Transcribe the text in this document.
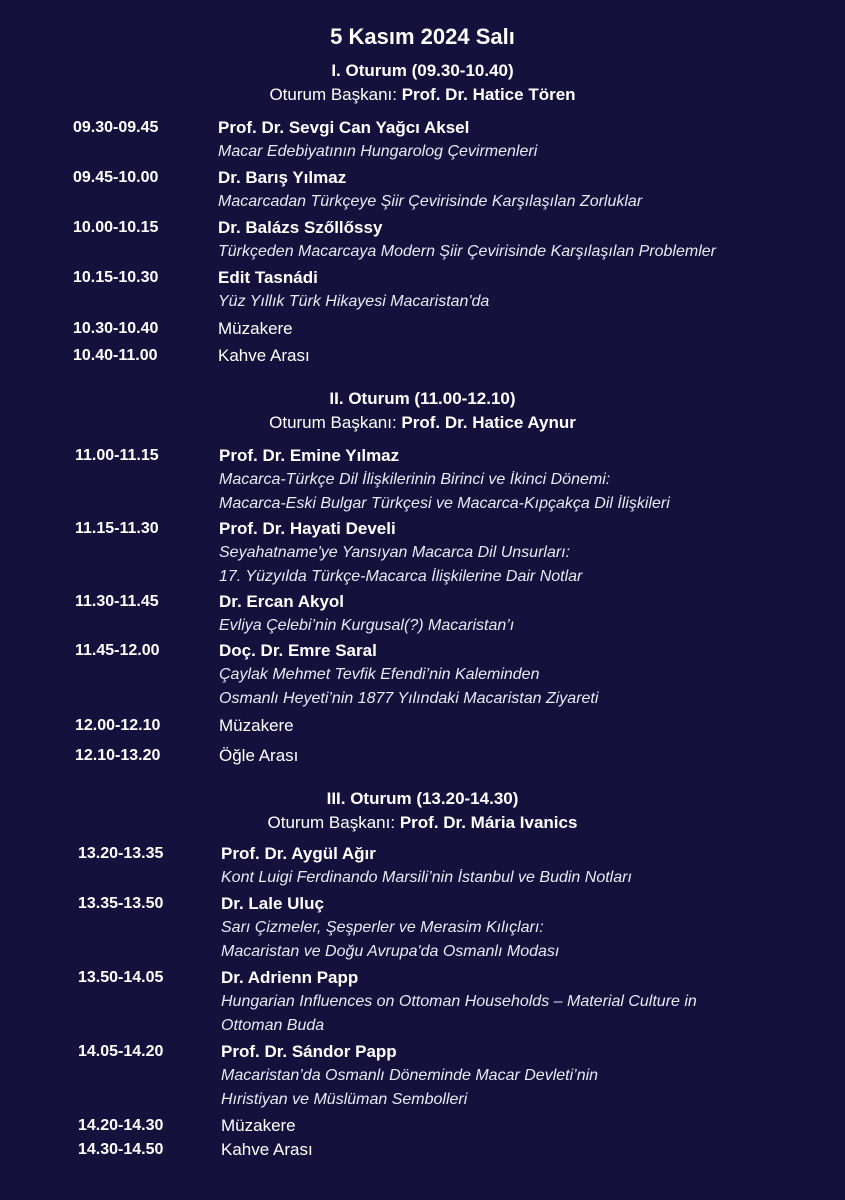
5 Kasım 2024 Salı
I. Oturum (09.30-10.40)
Oturum Başkanı: Prof. Dr. Hatice Tören
09.30-09.45	Prof. Dr. Sevgi Can Yağcı Aksel
Macar Edebiyatının Hungarolog Çevirmenleri
09.45-10.00	Dr. Barış Yılmaz
Macarcadan Türkçeye Şiir Çevirisinde Karşılaşılan Zorluklar
10.00-10.15	Dr. Balázs Szőllőssy
Türkçeden Macarcaya Modern Şiir Çevirisinde Karşılaşılan Problemler
10.15-10.30	Edit Tasnádi
Yüz Yıllık Türk Hikayesi Macaristan'da
10.30-10.40	Müzakere
10.40-11.00	Kahve Arası
II. Oturum (11.00-12.10)
Oturum Başkanı: Prof. Dr. Hatice Aynur
11.00-11.15	Prof. Dr. Emine Yılmaz
Macarca-Türkçe Dil İlişkilerinin Birinci ve İkinci Dönemi:
Macarca-Eski Bulgar Türkçesi ve Macarca-Kıpçakça Dil İlişkileri
11.15-11.30	Prof. Dr. Hayati Develi
Seyahatname'ye Yansıyan Macarca Dil Unsurları:
17. Yüzyılda Türkçe-Macarca İlişkilerine Dair Notlar
11.30-11.45	Dr. Ercan Akyol
Evliya Çelebi’nin Kurgusal(?) Macaristan’ı
11.45-12.00	Doç. Dr. Emre Saral
Çaylak Mehmet Tevfik Efendi’nin Kaleminden
Osmanlı Heyeti’nin 1877 Yılındaki Macaristan Ziyareti
12.00-12.10	Müzakere
12.10-13.20	Öğle Arası
III. Oturum (13.20-14.30)
Oturum Başkanı: Prof. Dr. Mária Ivanics
13.20-13.35	Prof. Dr. Aygül Ağır
Kont Luigi Ferdinando Marsili’nin İstanbul ve Budin Notları
13.35-13.50	Dr. Lale Uluç
Sarı Çizmeler, Şeşperler ve Merasim Kılıçları:
Macaristan ve Doğu Avrupa'da Osmanlı Modası
13.50-14.05	Dr. Adrienn Papp
Hungarian Influences on Ottoman Households – Material Culture in
Ottoman Buda
14.05-14.20	Prof. Dr. Sándor Papp
Macaristan’da Osmanlı Döneminde Macar Devleti’nin
Hıristiyan ve Müslüman Sembolleri
14.20-14.30	Müzakere
14.30-14.50	Kahve Arası
